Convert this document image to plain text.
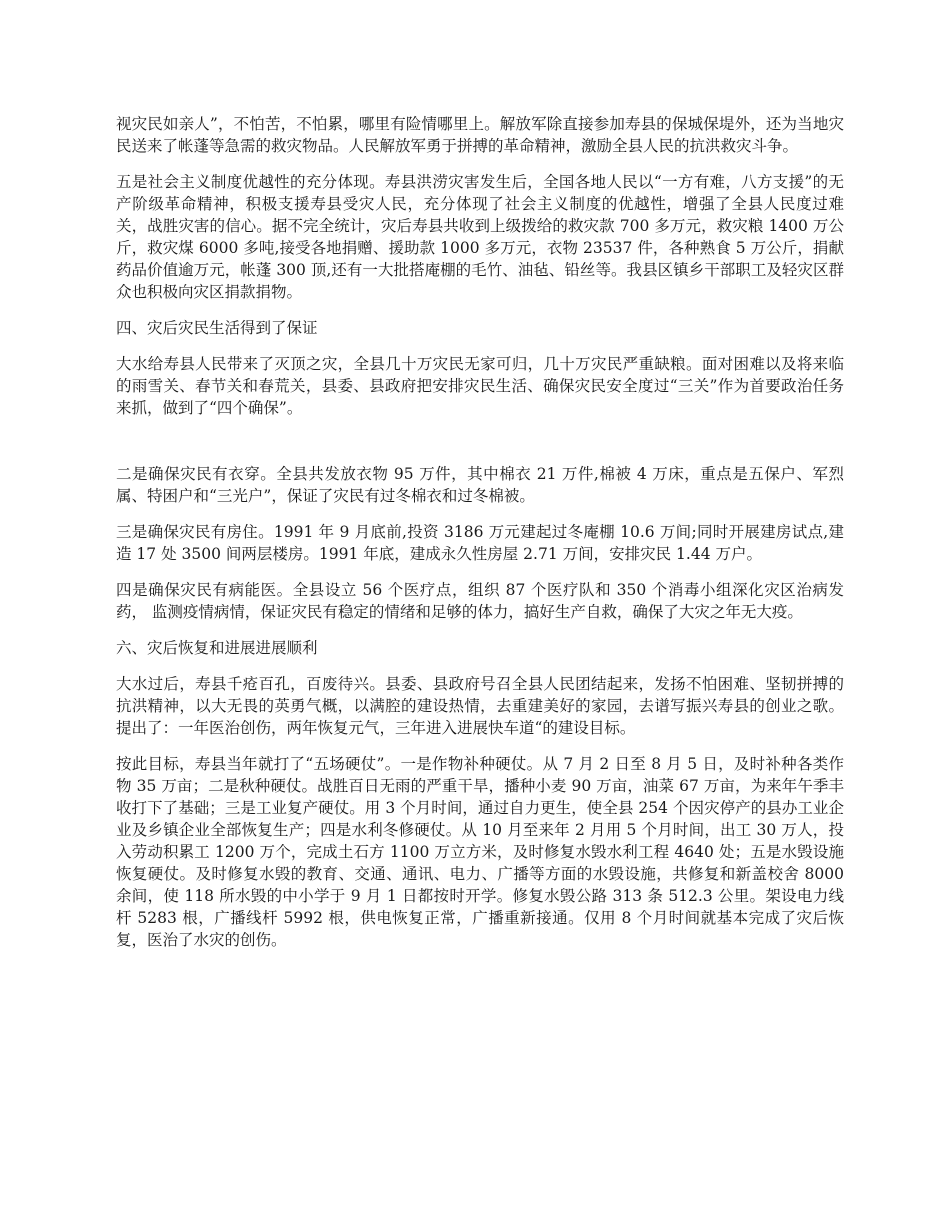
视灾民如亲人”，不怕苦，不怕累，哪里有险情哪里上。解放军除直接参加寿县的保城保堤外，还为当地灾民送来了帐蓬等急需的救灾物品。人民解放军勇于拼搏的革命精神，激励全县人民的抗洪救灾斗争。

五是社会主义制度优越性的充分体现。寿县洪涝灾害发生后，全国各地人民以“一方有难，八方支援”的无产阶级革命精神，积极支援寿县受灾人民，充分体现了社会主义制度的优越性，增强了全县人民度过难关，战胜灾害的信心。据不完全统计，灾后寿县共收到上级拨给的救灾款 700 多万元，救灾粮 1400 万公斤，救灾煤 6000 多吨,接受各地捐赠、援助款 1000 多万元，衣物 23537 件，各种熟食 5 万公斤，捐献药品价值逾万元，帐蓬 300 顶,还有一大批搭庵棚的毛竹、油毡、铅丝等。我县区镇乡干部职工及轻灾区群众也积极向灾区捐款捐物。

四、灾后灾民生活得到了保证

大水给寿县人民带来了灭顶之灾，全县几十万灾民无家可归，几十万灾民严重缺粮。面对困难以及将来临的雨雪关、春节关和春荒关，县委、县政府把安排灾民生活、确保灾民安全度过“三关”作为首要政治任务来抓，做到了“四个确保”。

二是确保灾民有衣穿。全县共发放衣物 95 万件，其中棉衣 21 万件,棉被 4 万床，重点是五保户、军烈属、特困户和“三光户”，保证了灾民有过冬棉衣和过冬棉被。

三是确保灾民有房住。1991 年 9 月底前,投资 3186 万元建起过冬庵棚 10.6 万间;同时开展建房试点,建造 17 处 3500 间两层楼房。1991 年底，建成永久性房屋 2.71 万间，安排灾民 1.44 万户。

四是确保灾民有病能医。全县设立 56 个医疗点，组织 87 个医疗队和 350 个消毒小组深化灾区治病发药， 监测疫情病情，保证灾民有稳定的情绪和足够的体力，搞好生产自救，确保了大灾之年无大疫。

六、灾后恢复和进展进展顺利

大水过后，寿县千疮百孔，百废待兴。县委、县政府号召全县人民团结起来，发扬不怕困难、坚韧拼搏的抗洪精神，以大无畏的英勇气概，以满腔的建设热情，去重建美好的家园，去谱写振兴寿县的创业之歌。提出了：一年医治创伤，两年恢复元气，三年进入进展快车道“的建设目标。

按此目标，寿县当年就打了“五场硬仗”。一是作物补种硬仗。从 7 月 2 日至 8 月 5 日，及时补种各类作物 35 万亩；二是秋种硬仗。战胜百日无雨的严重干旱，播种小麦 90 万亩，油菜 67 万亩，为来年午季丰收打下了基础；三是工业复产硬仗。用 3 个月时间，通过自力更生，使全县 254 个因灾停产的县办工业企业及乡镇企业全部恢复生产；四是水利冬修硬仗。从 10 月至来年 2 月用 5 个月时间，出工 30 万人，投入劳动积累工 1200 万个，完成土石方 1100 万立方米，及时修复水毁水利工程 4640 处；五是水毁设施恢复硬仗。及时修复水毁的教育、交通、通讯、电力、广播等方面的水毁设施，共修复和新盖校舍 8000 余间，使 118 所水毁的中小学于 9 月 1 日都按时开学。修复水毁公路 313 条 512.3 公里。架设电力线杆 5283 根，广播线杆 5992 根，供电恢复正常，广播重新接通。仅用 8 个月时间就基本完成了灾后恢复，医治了水灾的创伤。
